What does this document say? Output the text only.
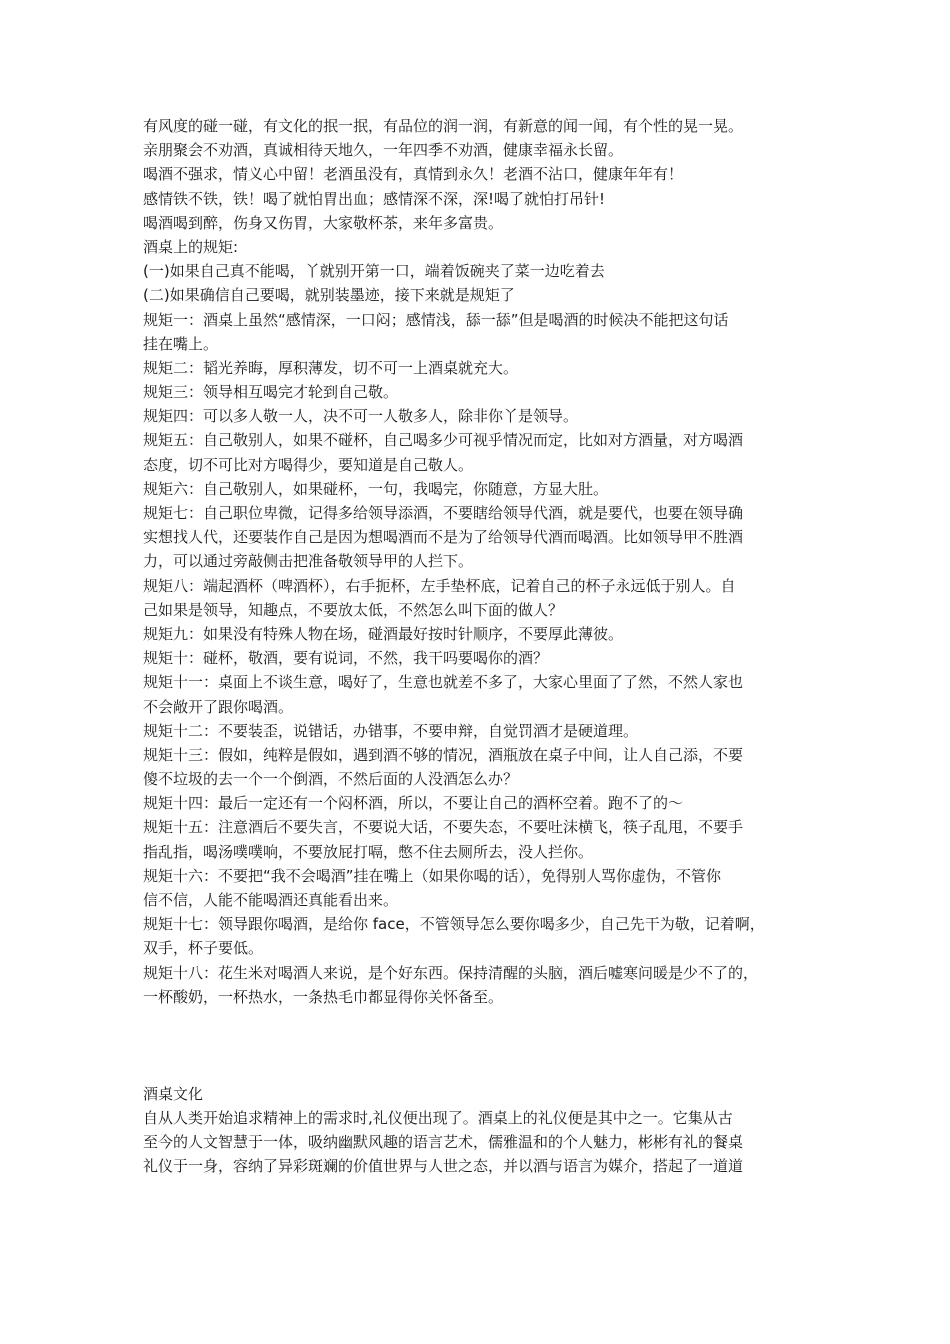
有风度的碰一碰，有文化的抿一抿，有品位的润一润，有新意的闻一闻，有个性的晃一晃。
亲朋聚会不劝酒，真诚相待天地久，一年四季不劝酒，健康幸福永长留。
喝酒不强求，情义心中留！老酒虽没有，真情到永久！老酒不沾口，健康年年有！
感情铁不铁，铁！喝了就怕胃出血；感情深不深，深!喝了就怕打吊针!
喝酒喝到醉，伤身又伤胃，大家敬杯茶，来年多富贵。
酒桌上的规矩:
(一)如果自己真不能喝，丫就别开第一口，端着饭碗夹了菜一边吃着去
(二)如果确信自己要喝，就别装墨迹，接下来就是规矩了
规矩一：酒桌上虽然“感情深，一口闷；感情浅，舔一舔”但是喝酒的时候决不能把这句话
挂在嘴上。
规矩二：韬光养晦，厚积薄发，切不可一上酒桌就充大。
规矩三：领导相互喝完才轮到自己敬。
规矩四：可以多人敬一人，决不可一人敬多人，除非你丫是领导。
规矩五：自己敬别人，如果不碰杯，自己喝多少可视乎情况而定，比如对方酒量，对方喝酒
态度，切不可比对方喝得少，要知道是自己敬人。
规矩六：自己敬别人，如果碰杯，一句，我喝完，你随意，方显大肚。
规矩七：自己职位卑微，记得多给领导添酒，不要瞎给领导代酒，就是要代，也要在领导确
实想找人代，还要装作自己是因为想喝酒而不是为了给领导代酒而喝酒。比如领导甲不胜酒
力，可以通过旁敲侧击把准备敬领导甲的人拦下。
规矩八：端起酒杯（啤酒杯），右手扼杯，左手垫杯底，记着自己的杯子永远低于别人。自
己如果是领导，知趣点，不要放太低，不然怎么叫下面的做人？
规矩九：如果没有特殊人物在场，碰酒最好按时针顺序，不要厚此薄彼。
规矩十：碰杯，敬酒，要有说词，不然，我干吗要喝你的酒？
规矩十一：桌面上不谈生意，喝好了，生意也就差不多了，大家心里面了了然，不然人家也
不会敞开了跟你喝酒。
规矩十二：不要装歪，说错话，办错事，不要申辩，自觉罚酒才是硬道理。
规矩十三：假如，纯粹是假如，遇到酒不够的情况，酒瓶放在桌子中间，让人自己添，不要
傻不垃圾的去一个一个倒酒，不然后面的人没酒怎么办？
规矩十四：最后一定还有一个闷杯酒，所以，不要让自己的酒杯空着。跑不了的～
规矩十五：注意酒后不要失言，不要说大话，不要失态，不要吐沫横飞，筷子乱甩，不要手
指乱指，喝汤噗噗响，不要放屁打嗝，憋不住去厕所去，没人拦你。
规矩十六：不要把“我不会喝酒”挂在嘴上（如果你喝的话），免得别人骂你虚伪，不管你
信不信，人能不能喝酒还真能看出来。
规矩十七：领导跟你喝酒，是给你 face，不管领导怎么要你喝多少，自己先干为敬，记着啊，
双手，杯子要低。
规矩十八：花生米对喝酒人来说，是个好东西。保持清醒的头脑，酒后嘘寒问暖是少不了的，
一杯酸奶，一杯热水，一条热毛巾都显得你关怀备至。
酒桌文化
自从人类开始追求精神上的需求时,礼仪便出现了。酒桌上的礼仪便是其中之一。它集从古
至今的人文智慧于一体，吸纳幽默风趣的语言艺术，儒雅温和的个人魅力，彬彬有礼的餐桌
礼仪于一身，容纳了异彩斑斓的价值世界与人世之态，并以酒与语言为媒介，搭起了一道道
